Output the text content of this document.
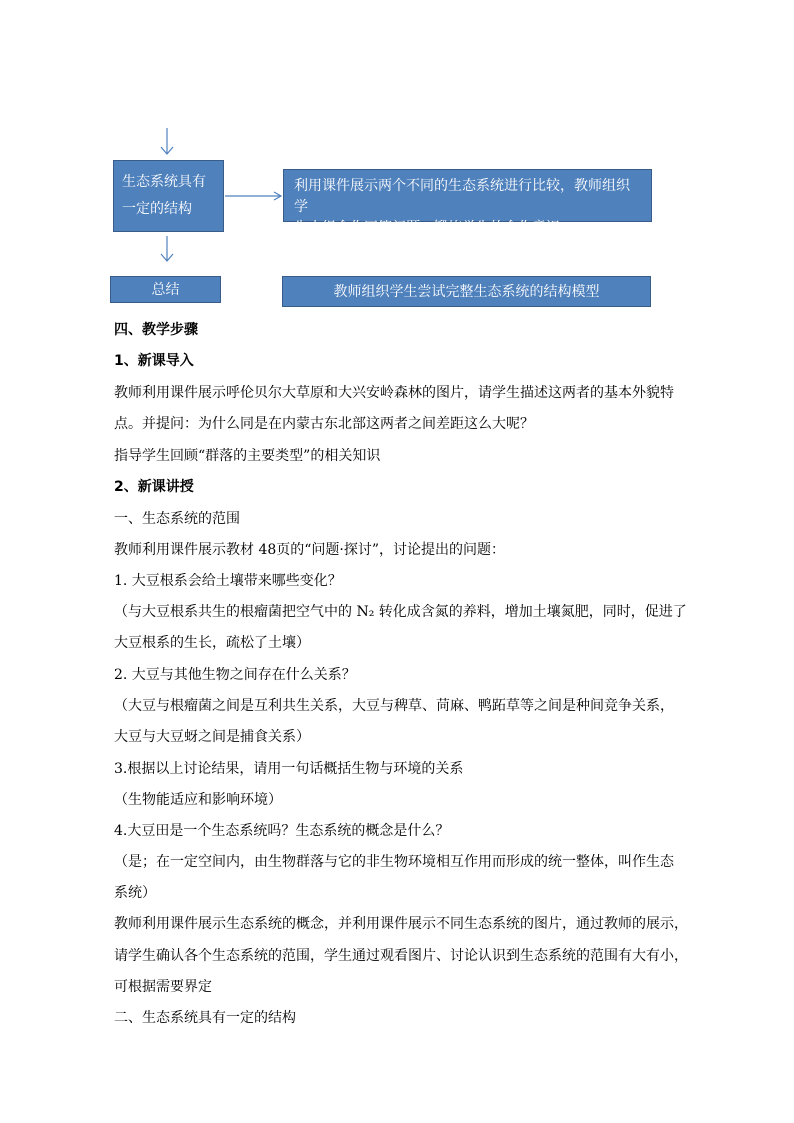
生态系统具有
一定的结构
总结
利用课件展示两个不同的生态系统进行比较，教师组织学
生小组合作回答问题，锻炼学生的合作意识
教师组织学生尝试完整生态系统的结构模型
四、教学步骤
1、新课导入
教师利用课件展示呼伦贝尔大草原和大兴安岭森林的图片，请学生描述这两者的基本外貌特
点。并提问：为什么同是在内蒙古东北部这两者之间差距这么大呢？
指导学生回顾“群落的主要类型”的相关知识
2、新课讲授
一、生态系统的范围
教师利用课件展示教材 48页的“问题·探讨”，讨论提出的问题：
1. 大豆根系会给土壤带来哪些变化？
（与大豆根系共生的根瘤菌把空气中的 N₂ 转化成含氮的养料，增加土壤氮肥，同时，促进了
大豆根系的生长，疏松了土壤）
2. 大豆与其他生物之间存在什么关系？
（大豆与根瘤菌之间是互利共生关系，大豆与稗草、苘麻、鸭跖草等之间是种间竞争关系，
大豆与大豆蚜之间是捕食关系）
3.根据以上讨论结果，请用一句话概括生物与环境的关系
（生物能适应和影响环境）
4.大豆田是一个生态系统吗？生态系统的概念是什么？
（是；在一定空间内，由生物群落与它的非生物环境相互作用而形成的统一整体，叫作生态
系统）
教师利用课件展示生态系统的概念，并利用课件展示不同生态系统的图片，通过教师的展示，
请学生确认各个生态系统的范围，学生通过观看图片、讨论认识到生态系统的范围有大有小，
可根据需要界定
二、生态系统具有一定的结构
